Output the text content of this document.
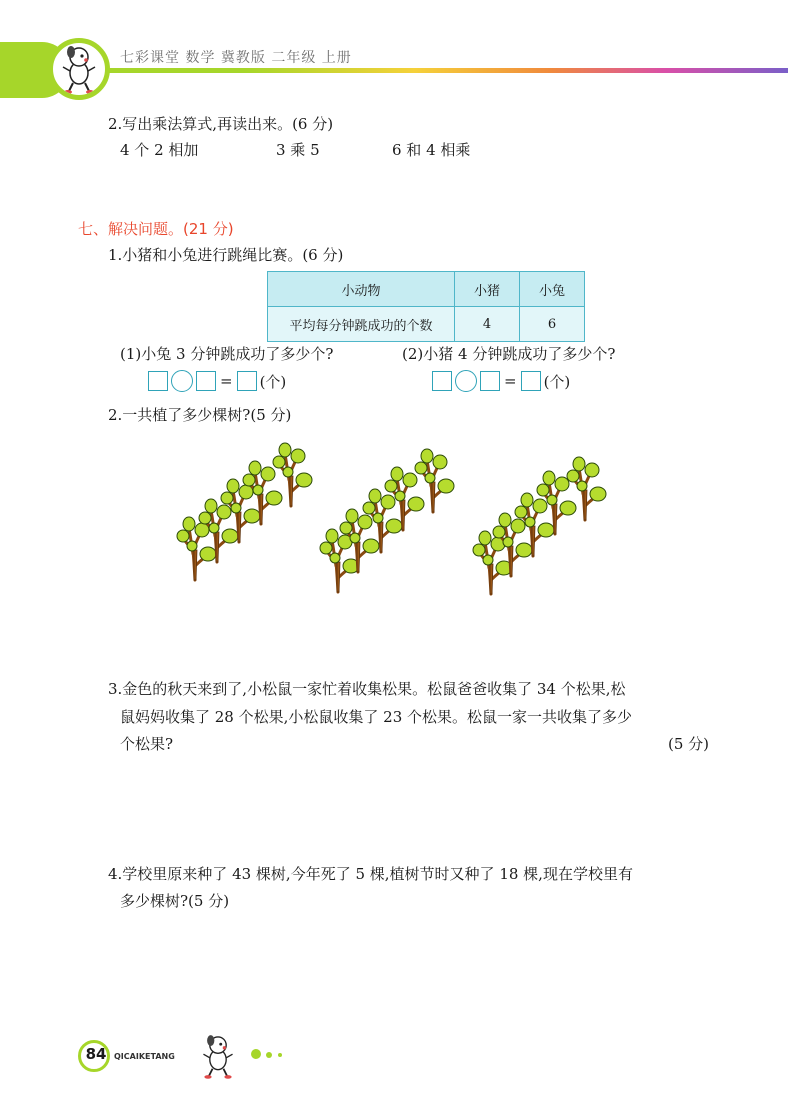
七彩课堂 数学 冀教版 二年级 上册
2.写出乘法算式,再读出来。(6 分)
4 个 2 相加	3 乘 5	6 和 4 相乘
七、解决问题。(21 分)
1.小猪和小兔进行跳绳比赛。(6 分)
小动物	小猪	小兔
平均每分钟跳成功的个数	4	6
(1)小兔 3 分钟跳成功了多少个?	(2)小猪 4 分钟跳成功了多少个?
= (个)	= (个)
2.一共植了多少棵树?(5 分)
3.金色的秋天来到了,小松鼠一家忙着收集松果。松鼠爸爸收集了 34 个松果,松
鼠妈妈收集了 28 个松果,小松鼠收集了 23 个松果。松鼠一家一共收集了多少
个松果?	(5 分)
4.学校里原来种了 43 棵树,今年死了 5 棵,植树节时又种了 18 棵,现在学校里有
多少棵树?(5 分)
84 QICAIKETANG
